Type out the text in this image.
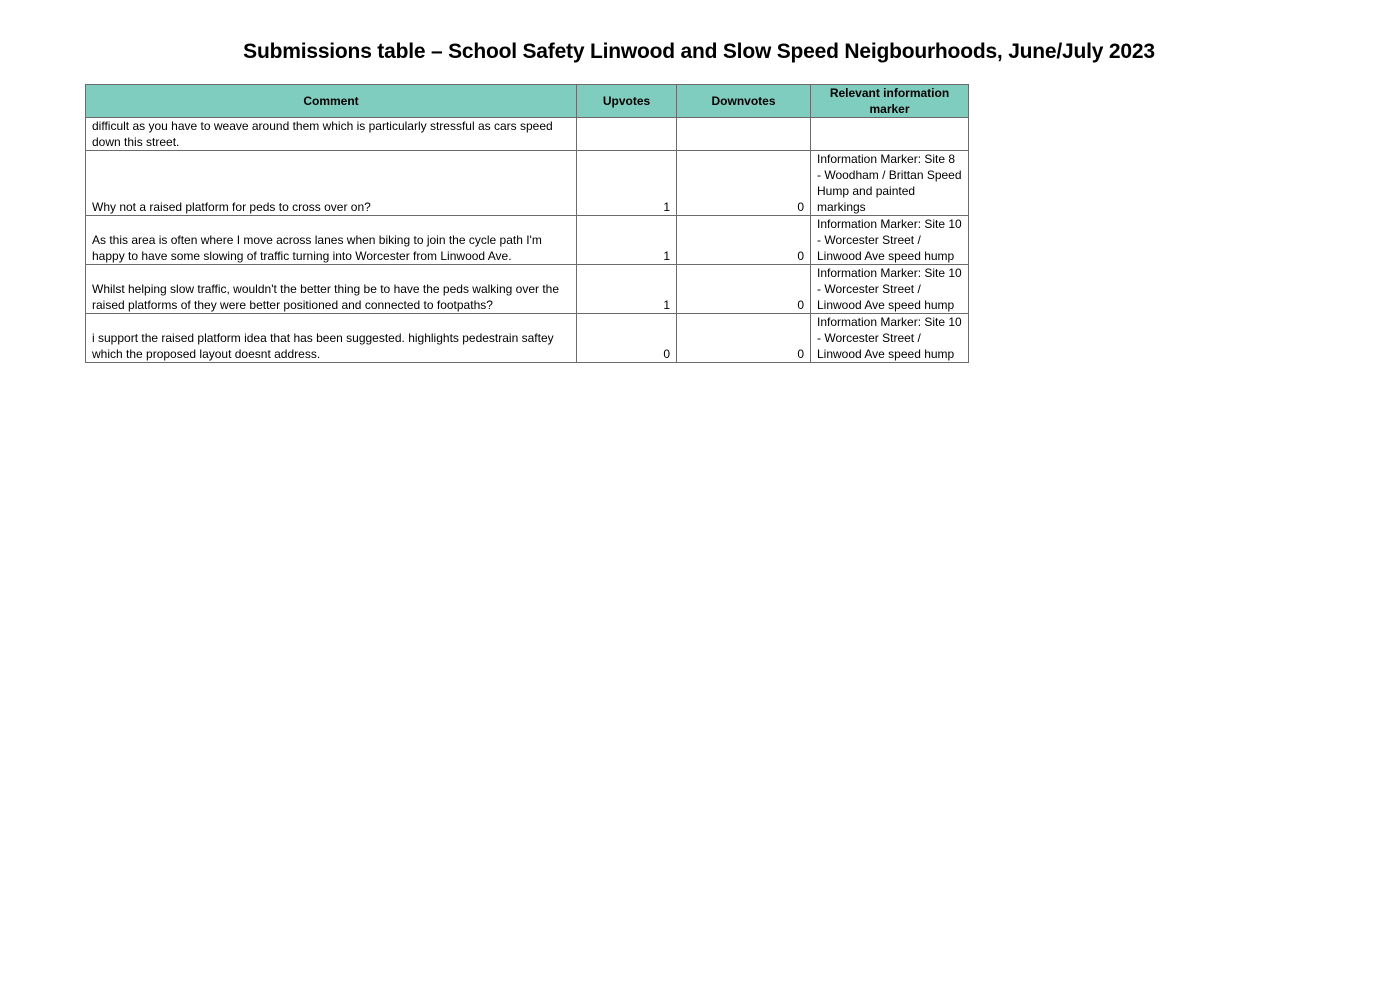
Submissions table – School Safety Linwood and Slow Speed Neigbourhoods, June/July 2023
Comment	Upvotes	Downvotes	Relevant information marker
difficult as you have to weave around them which is particularly stressful as cars speed down this street.			
Why not a raised platform for peds to cross over on?	1	0	Information Marker: Site 8 - Woodham / Brittan Speed Hump and painted markings
As this area is often where I move across lanes when biking to join the cycle path I'm happy to have some slowing of traffic turning into Worcester from Linwood Ave.	1	0	Information Marker: Site 10 - Worcester Street / Linwood Ave speed hump
Whilst helping slow traffic, wouldn't the better thing be to have the peds walking over the raised platforms of they were better positioned and connected to footpaths?	1	0	Information Marker: Site 10 - Worcester Street / Linwood Ave speed hump
i support the raised platform idea that has been suggested. highlights pedestrain saftey which the proposed layout doesnt address.	0	0	Information Marker: Site 10 - Worcester Street / Linwood Ave speed hump
